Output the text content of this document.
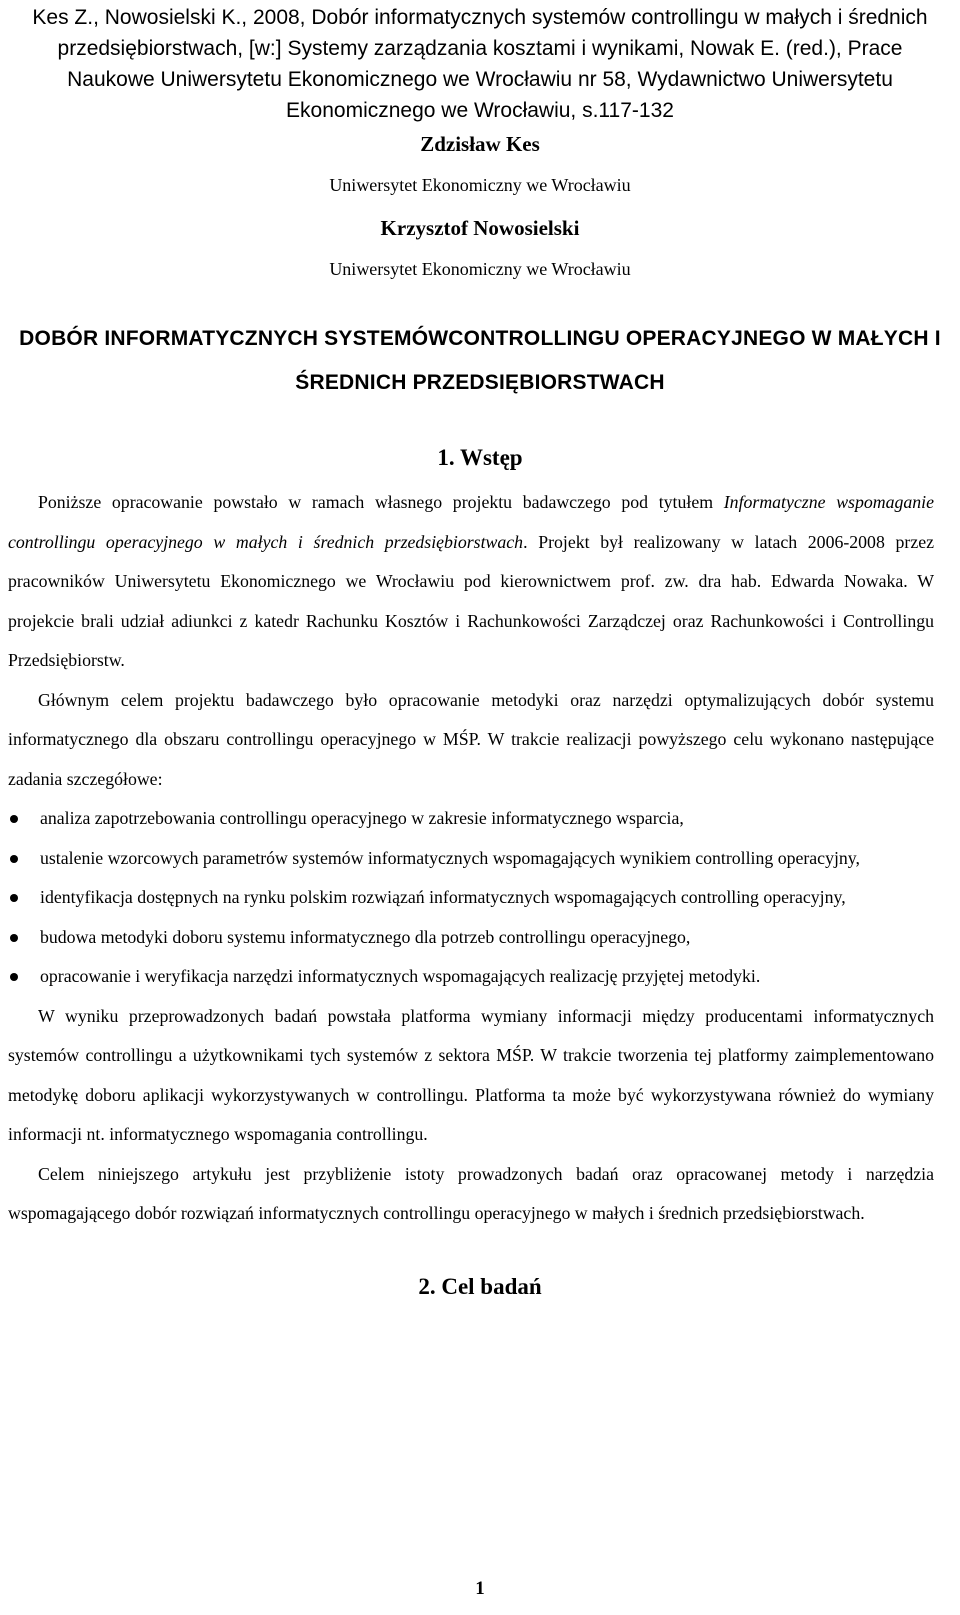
Kes Z., Nowosielski K., 2008, Dobór informatycznych systemów controllingu w małych i średnich przedsiębiorstwach, [w:] Systemy zarządzania kosztami i wynikami, Nowak E. (red.), Prace Naukowe Uniwersytetu Ekonomicznego we Wrocławiu nr 58, Wydawnictwo Uniwersytetu Ekonomicznego we Wrocławiu, s.117-132

Zdzisław Kes

Uniwersytet Ekonomiczny we Wrocławiu

Krzysztof Nowosielski

Uniwersytet Ekonomiczny we Wrocławiu

DOBÓR INFORMATYCZNYCH SYSTEMÓWCONTROLLINGU OPERACYJNEGO W MAŁYCH I ŚREDNICH PRZEDSIĘBIORSTWACH
1. Wstęp

Poniższe opracowanie powstało w ramach własnego projektu badawczego pod tytułem Informatyczne wspomaganie controllingu operacyjnego w małych i średnich przedsiębiorstwach. Projekt był realizowany w latach 2006-2008 przez pracowników Uniwersytetu Ekonomicznego we Wrocławiu pod kierownictwem prof. zw. dra hab. Edwarda Nowaka. W projekcie brali udział adiunkci z katedr Rachunku Kosztów i Rachunkowości Zarządczej oraz Rachunkowości i Controllingu Przedsiębiorstw.

Głównym celem projektu badawczego było opracowanie metodyki oraz narzędzi optymalizujących dobór systemu informatycznego dla obszaru controllingu operacyjnego w MŚP. W trakcie realizacji powyższego celu wykonano następujące zadania szczegółowe:

analiza zapotrzebowania controllingu operacyjnego w zakresie informatycznego wsparcia,
ustalenie wzorcowych parametrów systemów informatycznych wspomagających wynikiem controlling operacyjny,
identyfikacja dostępnych na rynku polskim rozwiązań informatycznych wspomagających controlling operacyjny,
budowa metodyki doboru systemu informatycznego dla potrzeb controllingu operacyjnego,
opracowanie i weryfikacja narzędzi informatycznych wspomagających realizację przyjętej metodyki.

W wyniku przeprowadzonych badań powstała platforma wymiany informacji między producentami informatycznych systemów controllingu a użytkownikami tych systemów z sektora MŚP. W trakcie tworzenia tej platformy zaimplementowano metodykę doboru aplikacji wykorzystywanych w controllingu. Platforma ta może być wykorzystywana również do wymiany informacji nt. informatycznego wspomagania controllingu.

Celem niniejszego artykułu jest przybliżenie istoty prowadzonych badań oraz opracowanej metody i narzędzia wspomagającego dobór rozwiązań informatycznych controllingu operacyjnego w małych i średnich przedsiębiorstwach.

2. Cel badań
1
